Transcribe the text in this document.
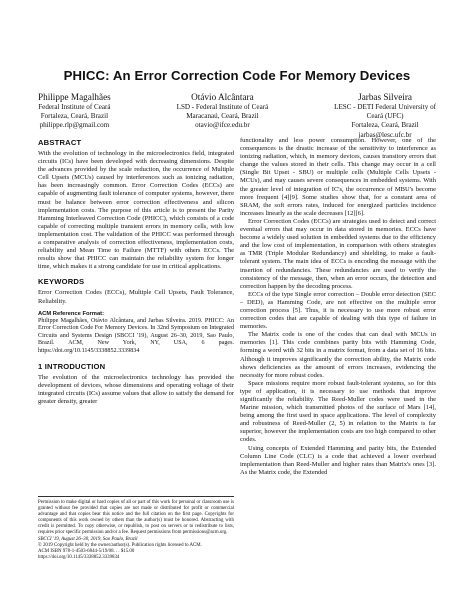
PHICC: An Error Correction Code For Memory Devices
Philippe Magalhães
Federal Institute of Ceará
Fortaleza, Ceará, Brazil
philippe.rlp@gmail.com
Otávio Alcântara
LSD - Federal Institute of Ceará
Maracanaú, Ceará, Brazil
otavio@ifce.edu.br
Jarbas Silveira
LESC - DETI Federal University of
Ceará (UFC)
Fortaleza, Ceará, Brazil
jarbas@lesc.ufc.br
ABSTRACT

With the evolution of technology in the microelectronics field, integrated circuits (ICs) have been developed with decreasing dimensions. Despite the advances provided by the scale reduction, the occurrence of Multiple Cell Upsets (MCUs) caused by interferences such as ionizing radiation, has been increasingly common. Error Correction Codes (ECCs) are capable of augmenting fault tolerance of computer systems, however, there must be balance between error correction effectiveness and silicon implementation costs. The purpose of this article is to present the Parity Hamming Interleaved Correction Code (PHICC), which consists of a code capable of correcting multiple transient errors in memory cells, with low implementation cost. The validation of the PHICC was performed through a comparative analysis of correction effectiveness, implementation costs, reliability and Mean Time to Failure (MTTF) with others ECCs. The results show that PHICC can maintain the reliability system for longer time, which makes it a strong candidate for use in critical applications.

KEYWORDS

Error Correction Codes (ECCs), Multiple Cell Upsets, Fault Tolerance, Reliability.

ACM Reference Format:

Philippe Magalhães, Otávio Alcântara, and Jarbas Silveira. 2019. PHICC: An Error Correction Code For Memory Devices. In 32nd Symposium on Integrated Circuits and Systems Design (SBCCI '19), August 26–30, 2019, Sao Paulo, Brazil. ACM, New York, NY, USA, 6 pages. https://doi.org/10.1145/3338852.3339834

1 INTRODUCTION

The evolution of the microelectronics technology has provided the development of devices, whose dimensions and operating voltage of their integrated circuits (ICs) assume values that allow to satisfy the demand for greater density, greater

Permission to make digital or hard copies of all or part of this work for personal or classroom use is granted without fee provided that copies are not made or distributed for profit or commercial advantage and that copies bear this notice and the full citation on the first page. Copyrights for components of this work owned by others than the author(s) must be honored. Abstracting with credit is permitted. To copy otherwise, or republish, to post on servers or to redistribute to lists, requires prior specific permission and/or a fee. Request permissions from permissions@acm.org.

SBCCI '19, August 26–30, 2019, Sao Paulo, Brazil

© 2019 Copyright held by the owner/author(s). Publication rights licensed to ACM.

ACM ISBN 978-1-4503-6844-5/19/08. . . $15.00

https://doi.org/10.1145/3338852.3339834

functionality and less power consumption. However, one of the consequences is the drastic increase of the sensitivity to interference as ionizing radiation, which, in memory devices, causes transitory errors that change the values stored in their cells. This change may occur in a cell (Single Bit Upset - SBU) or multiple cells (Multiple Cells Upsets - MCUs), and may causes severe consequences in embedded systems. With the greater level of integration of IC's, the occurrence of MBU's become more frequent [4][9]. Some studies show that, for a constant area of SRAM, the soft errors rates, induced for energized particles incidence increases linearly as the scale decreases [12][6].

Error Correction Codes (ECCs) are strategies used to detect and correct eventual errors that may occur in data stored in memories. ECCs have become a widely used solution in embedded systems due to the efficiency and the low cost of implementation, in comparison with others strategies as TMR (Triple Modular Redundancy) and shielding, to make a fault-tolerant system. The main idea of ECCs is encoding the message with the insertion of redundancies. These redundancies are used to verify the consistency of the message, then, when an error occurs, the detection and correction happen by the decoding process.

ECCs of the type Single error correction – Double error detection (SEC – DED), as Hamming Code, are not effective on the multiple error correction process [5]. Thus, it is necessary to use more robust error correction codes that are capable of dealing with this type of failure in memories.

The Matrix code is one of the codes that can deal with MCUs in memories [1]. This code combines parity bits with Hamming Code, forming a word with 32 bits in a matrix format, from a data set of 16 bits. Although it improves significantly the correction ability, the Matrix code shows deficiencies as the amount of errors increases, evidencing the necessity for more robust codes.

Space missions require more robust fault-tolerant systems, so for this type of application, it is necessary to use methods that improve significantly the reliability. The Reed-Muller codes were used in the Marine mission, which transmitted photos of the surface of Mars [14], being among the first used in space applications. The level of complexity and robustness of Reed-Muller (2, 5) in relation to the Matrix is far superior, however the implementation costs are too high compared to other codes.

Using concepts of Extended Hamming and parity bits, the Extended Column Line Code (CLC) is a code that achieved a lower overhead implementation than Reed-Muller and higher rates than Matrix's ones [3]. As the Matrix code, the Extended
